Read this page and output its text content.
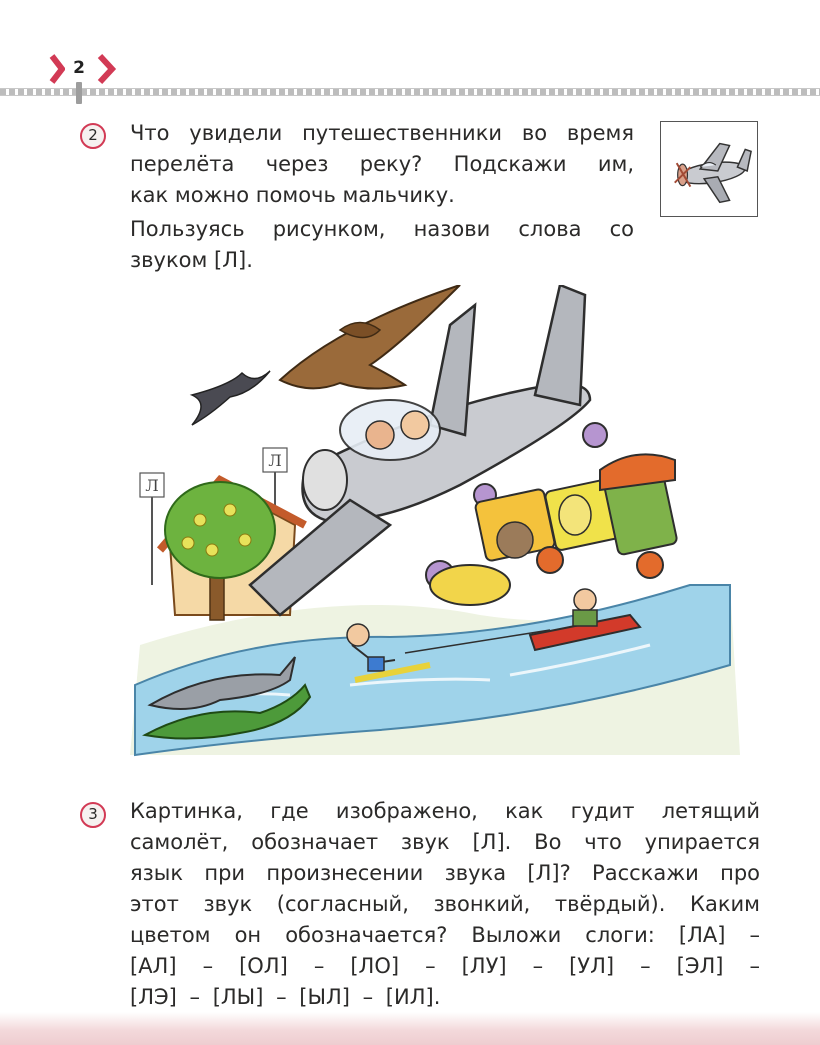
2
2	Что увидели путешественники во время
перелёта через реку? Подскажи им,
как можно помочь мальчику.
Пользуясь рисунком, назови слова со
звуком [Л].
Л
Л
3	Картинка, где изображено, как гудит летящий
самолёт, обозначает звук [Л]. Во что упирается
язык при произнесении звука [Л]? Расскажи про
этот звук (согласный, звонкий, твёрдый). Каким
цветом он обозначается? Выложи слоги: [ЛА] –
[АЛ] – [ОЛ] – [ЛО] – [ЛУ] – [УЛ] – [ЭЛ] –
[ЛЭ] – [ЛЫ] – [ЫЛ] – [ИЛ].
